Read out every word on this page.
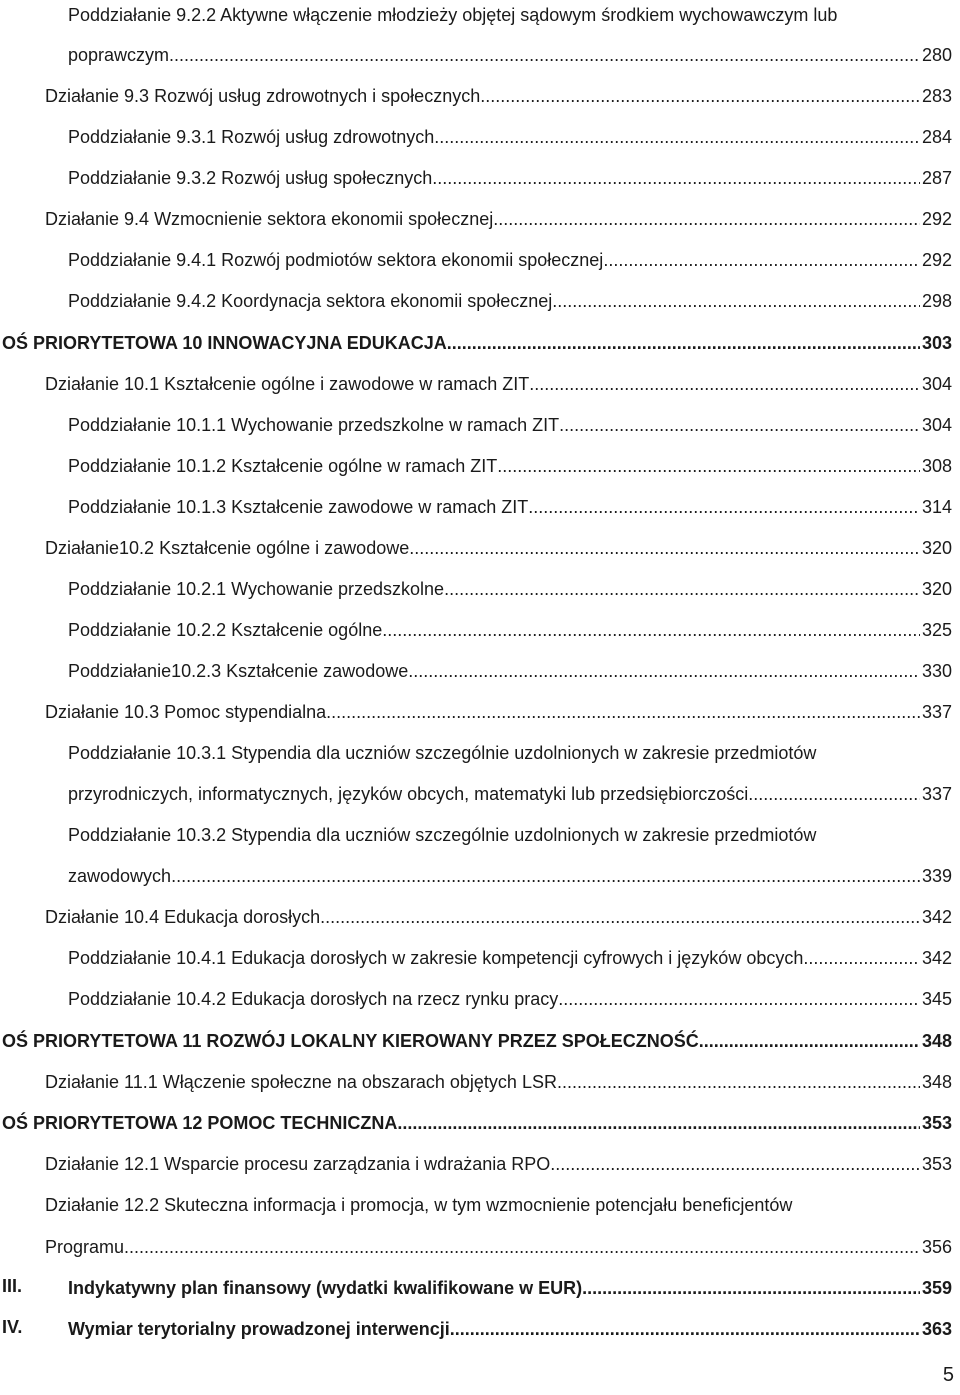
Poddziałanie 9.2.2 Aktywne włączenie młodzieży objętej sądowym środkiem wychowawczym lub
poprawczym .....	280
Działanie 9.3 Rozwój usług zdrowotnych i społecznych .....	283
Poddziałanie 9.3.1 Rozwój usług zdrowotnych .....	284
Poddziałanie 9.3.2 Rozwój usług społecznych .....	287
Działanie 9.4 Wzmocnienie sektora ekonomii społecznej .....	292
Poddziałanie 9.4.1 Rozwój podmiotów sektora ekonomii społecznej .....	292
Poddziałanie 9.4.2 Koordynacja sektora ekonomii społecznej .....	298
OŚ PRIORYTETOWA 10 INNOWACYJNA EDUKACJA .....	303
Działanie 10.1 Kształcenie ogólne i zawodowe w ramach ZIT .....	304
Poddziałanie 10.1.1 Wychowanie przedszkolne w ramach ZIT .....	304
Poddziałanie 10.1.2 Kształcenie ogólne w ramach ZIT .....	308
Poddziałanie 10.1.3 Kształcenie zawodowe w ramach ZIT .....	314
Działanie10.2 Kształcenie ogólne i zawodowe .....	320
Poddziałanie 10.2.1 Wychowanie przedszkolne .....	320
Poddziałanie 10.2.2 Kształcenie ogólne .....	325
Poddziałanie10.2.3 Kształcenie zawodowe .....	330
Działanie 10.3 Pomoc stypendialna .....	337
Poddziałanie 10.3.1 Stypendia dla uczniów szczególnie uzdolnionych w zakresie przedmiotów
przyrodniczych, informatycznych, języków obcych, matematyki lub przedsiębiorczości .....	337
Poddziałanie 10.3.2 Stypendia dla uczniów szczególnie uzdolnionych w zakresie przedmiotów
zawodowych .....	339
Działanie 10.4 Edukacja dorosłych .....	342
Poddziałanie 10.4.1 Edukacja dorosłych w zakresie kompetencji cyfrowych i języków obcych .....	342
Poddziałanie 10.4.2 Edukacja dorosłych na rzecz rynku pracy .....	345
OŚ PRIORYTETOWA 11 ROZWÓJ LOKALNY KIEROWANY PRZEZ SPOŁECZNOŚĆ .....	348
Działanie 11.1 Włączenie społeczne na obszarach objętych LSR .....	348
OŚ PRIORYTETOWA 12 POMOC TECHNICZNA .....	353
Działanie 12.1 Wsparcie procesu zarządzania i wdrażania RPO .....	353
Działanie 12.2 Skuteczna informacja i promocja, w tym wzmocnienie potencjału beneficjentów
Programu .....	356
III.	Indykatywny plan finansowy (wydatki kwalifikowane w EUR) .....	359
IV.	Wymiar terytorialny prowadzonej interwencji .....	363
5
